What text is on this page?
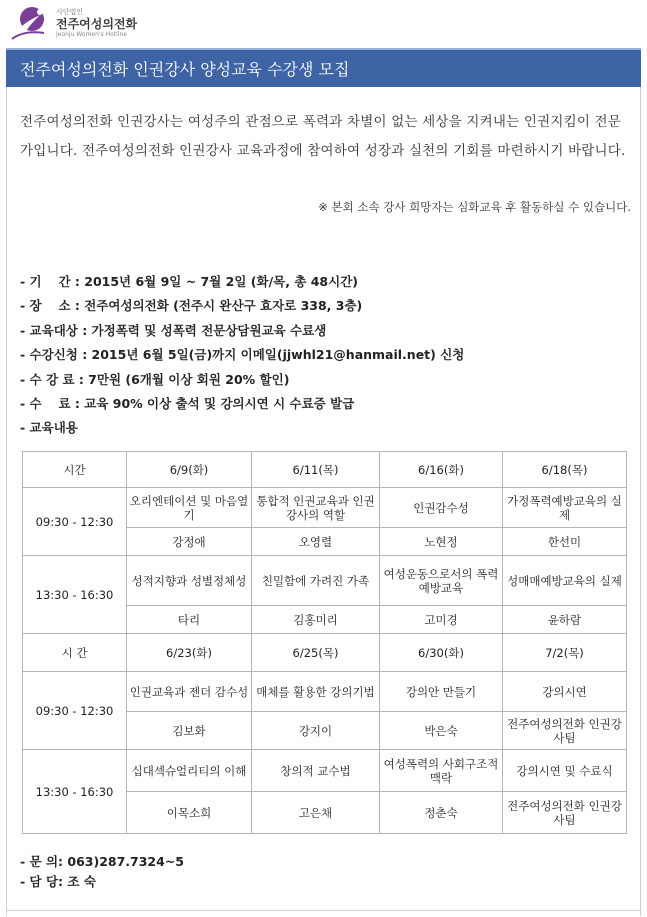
사단법인
전주여성의전화
Jeonju Women's Hotline
전주여성의전화 인권강사 양성교육 수강생 모집
전주여성의전화 인권강사는 여성주의 관점으로 폭력과 차별이 없는 세상을 지켜내는 인권지킴이 전문가입니다. 전주여성의전화 인권강사 교육과정에 참여하여 성장과 실천의 기회를 마련하시기 바랍니다.
※ 본회 소속 강사 희망자는 심화교육 후 활동하실 수 있습니다.
- 기　 간 : 2015년 6월 9일 ~ 7월 2일 (화/목, 총 48시간)
- 장　 소 : 전주여성의전화 (전주시 완산구 효자로 338, 3층)
- 교육대상 : 가정폭력 및 성폭력 전문상담원교육 수료생
- 수강신청 : 2015년 6월 5일(금)까지 이메일(jjwhl21@hanmail.net) 신청
- 수 강 료 : 7만원 (6개월 이상 회원 20% 할인)
- 수　 료 : 교육 90% 이상 출석 및 강의시연 시 수료증 발급
- 교육내용
시간	6/9(화)	6/11(목)	6/16(화)	6/18(목)
09:30 - 12:30	오리엔테이션 및 마음열기	통합적 인권교육과 인권강사의 역할	인권감수성	가정폭력예방교육의 실제
	강정애	오영렬	노현정	한선미
13:30 - 16:30	성적지향과 성별정체성	친밀함에 가려진 가족	여성운동으로서의 폭력예방교육	성매매예방교육의 실제
	타리	김홍미리	고미경	윤하람
시 간	6/23(화)	6/25(목)	6/30(화)	7/2(목)
09:30 - 12:30	인권교육과 젠더 감수성	매체를 활용한 강의기법	강의안 만들기	강의시연
	김보화	강지이	박은숙	전주여성의전화 인권강사팀
13:30 - 16:30	십대섹슈얼리티의 이해	창의적 교수법	여성폭력의 사회구조적 맥락	강의시연 및 수료식
	이목소희	고은채	정춘숙	전주여성의전화 인권강사팀
- 문 의: 063)287.7324~5
- 담 당: 조 숙
